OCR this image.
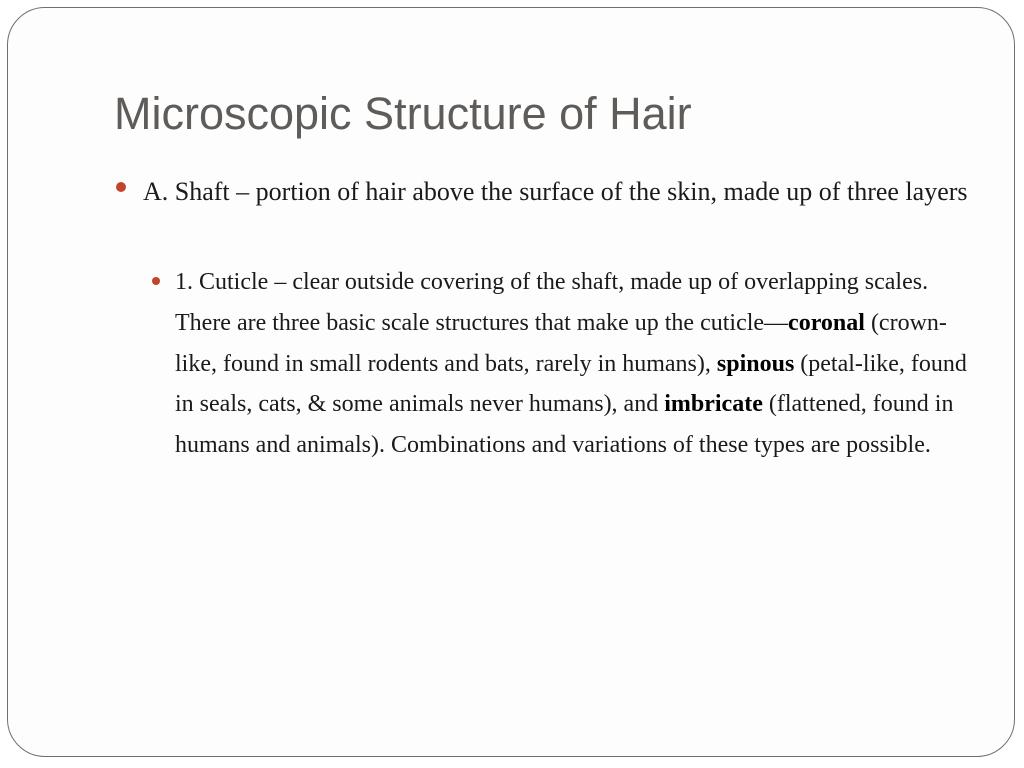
Microscopic Structure of Hair
A. Shaft – portion of hair above the surface of the skin, made up of three layers
1. Cuticle – clear outside covering of the shaft, made up of overlapping scales. There are three basic scale structures that make up the cuticle—coronal (crown-like, found in small rodents and bats, rarely in humans), spinous (petal-like, found in seals, cats, & some animals never humans), and imbricate (flattened, found in humans and animals). Combinations and variations of these types are possible.
